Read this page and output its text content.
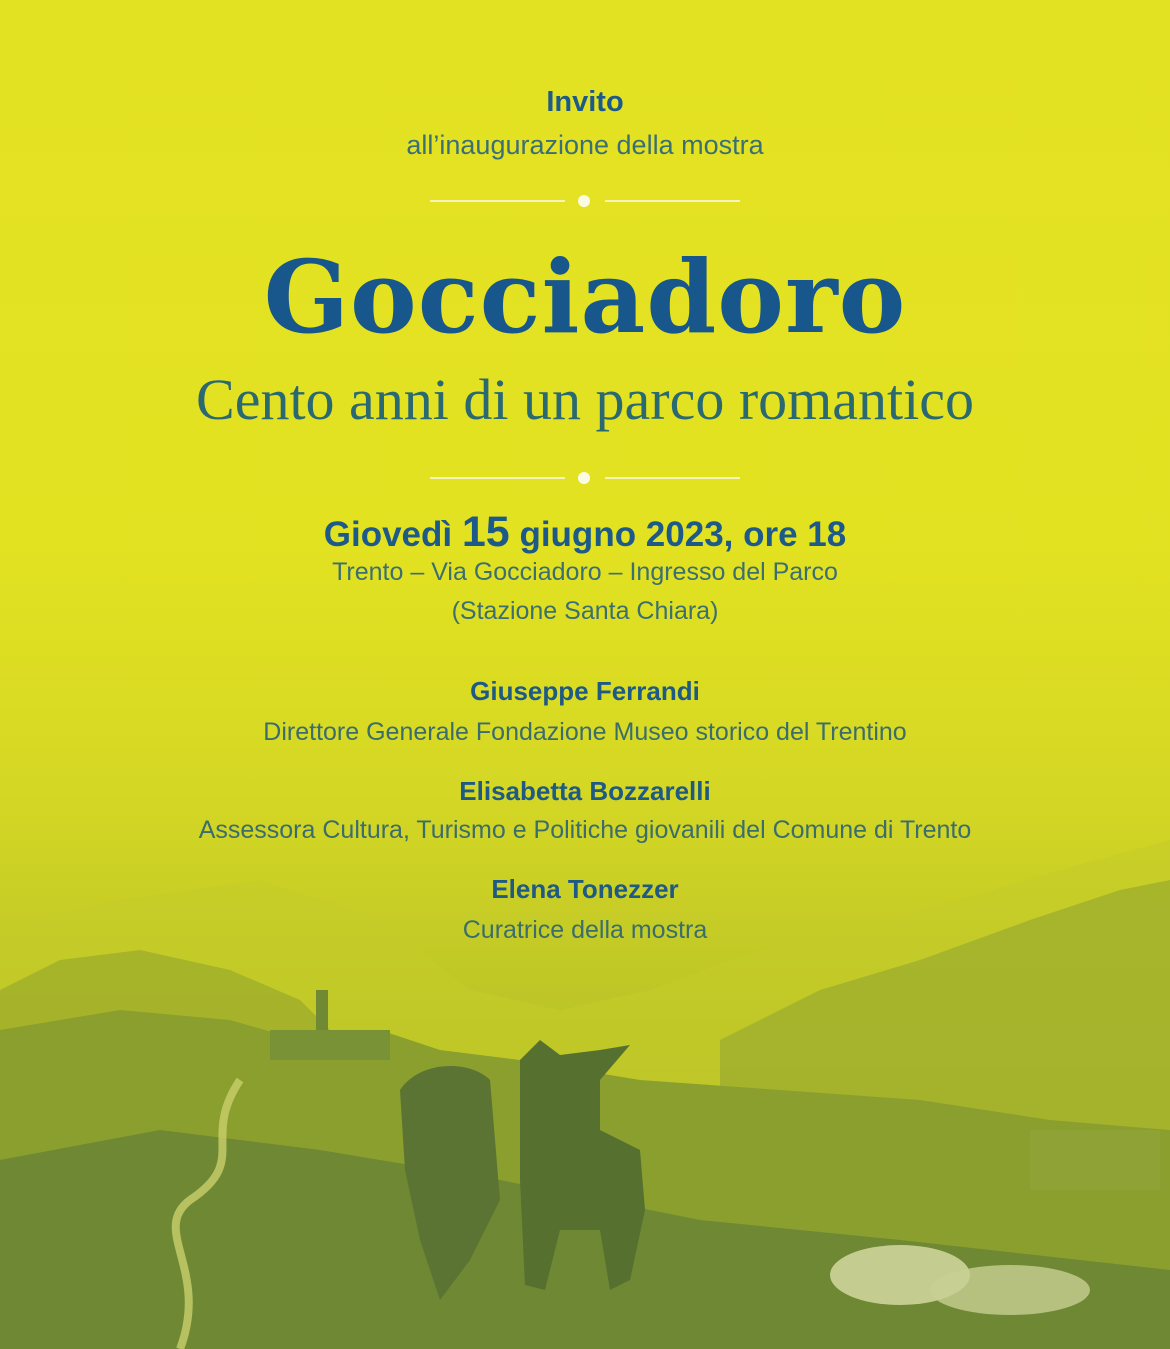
Invito
all’inaugurazione della mostra
Gocciadoro
Cento anni di un parco romantico
Giovedì 15 giugno 2023, ore 18
Trento – Via Gocciadoro – Ingresso del Parco
(Stazione Santa Chiara)
Giuseppe Ferrandi
Direttore Generale Fondazione Museo storico del Trentino
Elisabetta Bozzarelli
Assessora Cultura, Turismo e Politiche giovanili del Comune di Trento
Elena Tonezzer
Curatrice della mostra
